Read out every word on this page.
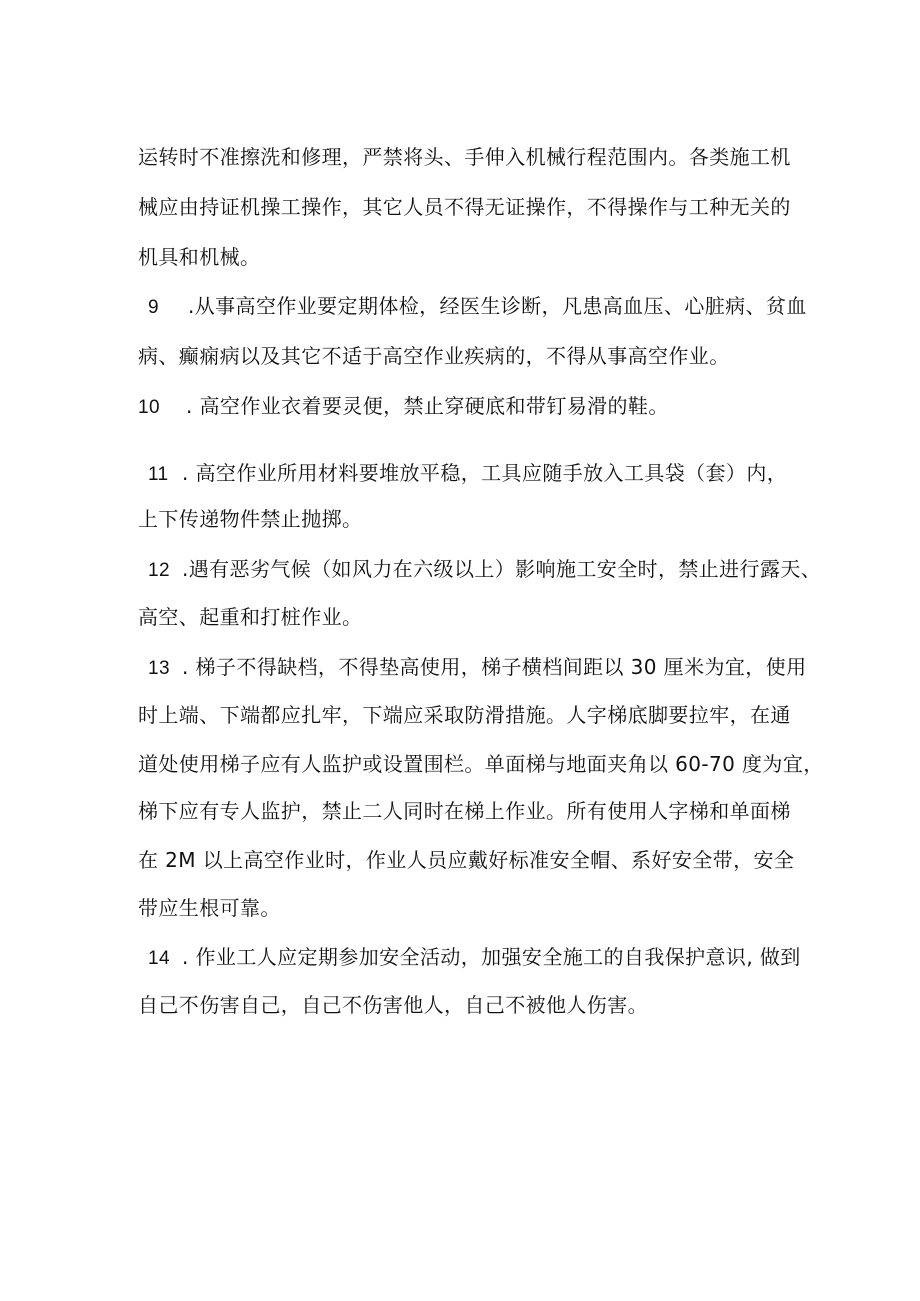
运转时不准擦洗和修理，严禁将头、手伸入机械行程范围内。各类施工机
械应由持证机操工操作，其它人员不得无证操作，不得操作与工种无关的
机具和机械。
9 .从事高空作业要定期体检，经医生诊断，凡患高血压、心脏病、贫血
病、癫痫病以及其它不适于高空作业疾病的，不得从事高空作业。
10 . 高空作业衣着要灵便，禁止穿硬底和带钉易滑的鞋。
11 . 高空作业所用材料要堆放平稳，工具应随手放入工具袋（套）内，
上下传递物件禁止抛掷。
12 .遇有恶劣气候（如风力在六级以上）影响施工安全时，禁止进行露天、
高空、起重和打桩作业。
13 . 梯子不得缺档，不得垫高使用，梯子横档间距以 30 厘米为宜，使用
时上端、下端都应扎牢，下端应采取防滑措施。人字梯底脚要拉牢，在通
道处使用梯子应有人监护或设置围栏。单面梯与地面夹角以 60-70 度为宜，
梯下应有专人监护，禁止二人同时在梯上作业。所有使用人字梯和单面梯
在 2M 以上高空作业时，作业人员应戴好标准安全帽、系好安全带，安全
带应生根可靠。
14 . 作业工人应定期参加安全活动，加强安全施工的自我保护意识, 做到
自己不伤害自己，自己不伤害他人，自己不被他人伤害。
